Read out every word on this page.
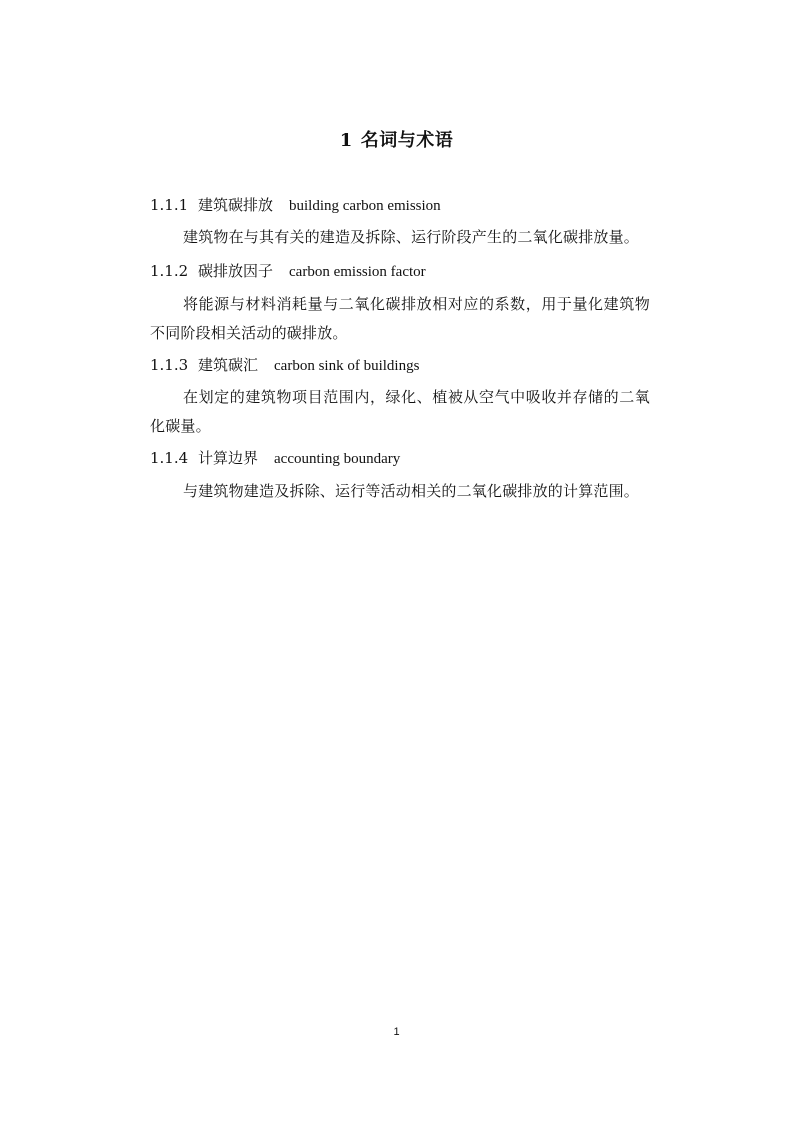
1 名词与术语
1.1.1 建筑碳排放 building carbon emission
建筑物在与其有关的建造及拆除、运行阶段产生的二氧化碳排放量。
1.1.2 碳排放因子 carbon emission factor
将能源与材料消耗量与二氧化碳排放相对应的系数，用于量化建筑物不同阶段相关活动的碳排放。
1.1.3 建筑碳汇 carbon sink of buildings
在划定的建筑物项目范围内，绿化、植被从空气中吸收并存储的二氧化碳量。
1.1.4 计算边界 accounting boundary
与建筑物建造及拆除、运行等活动相关的二氧化碳排放的计算范围。
1
